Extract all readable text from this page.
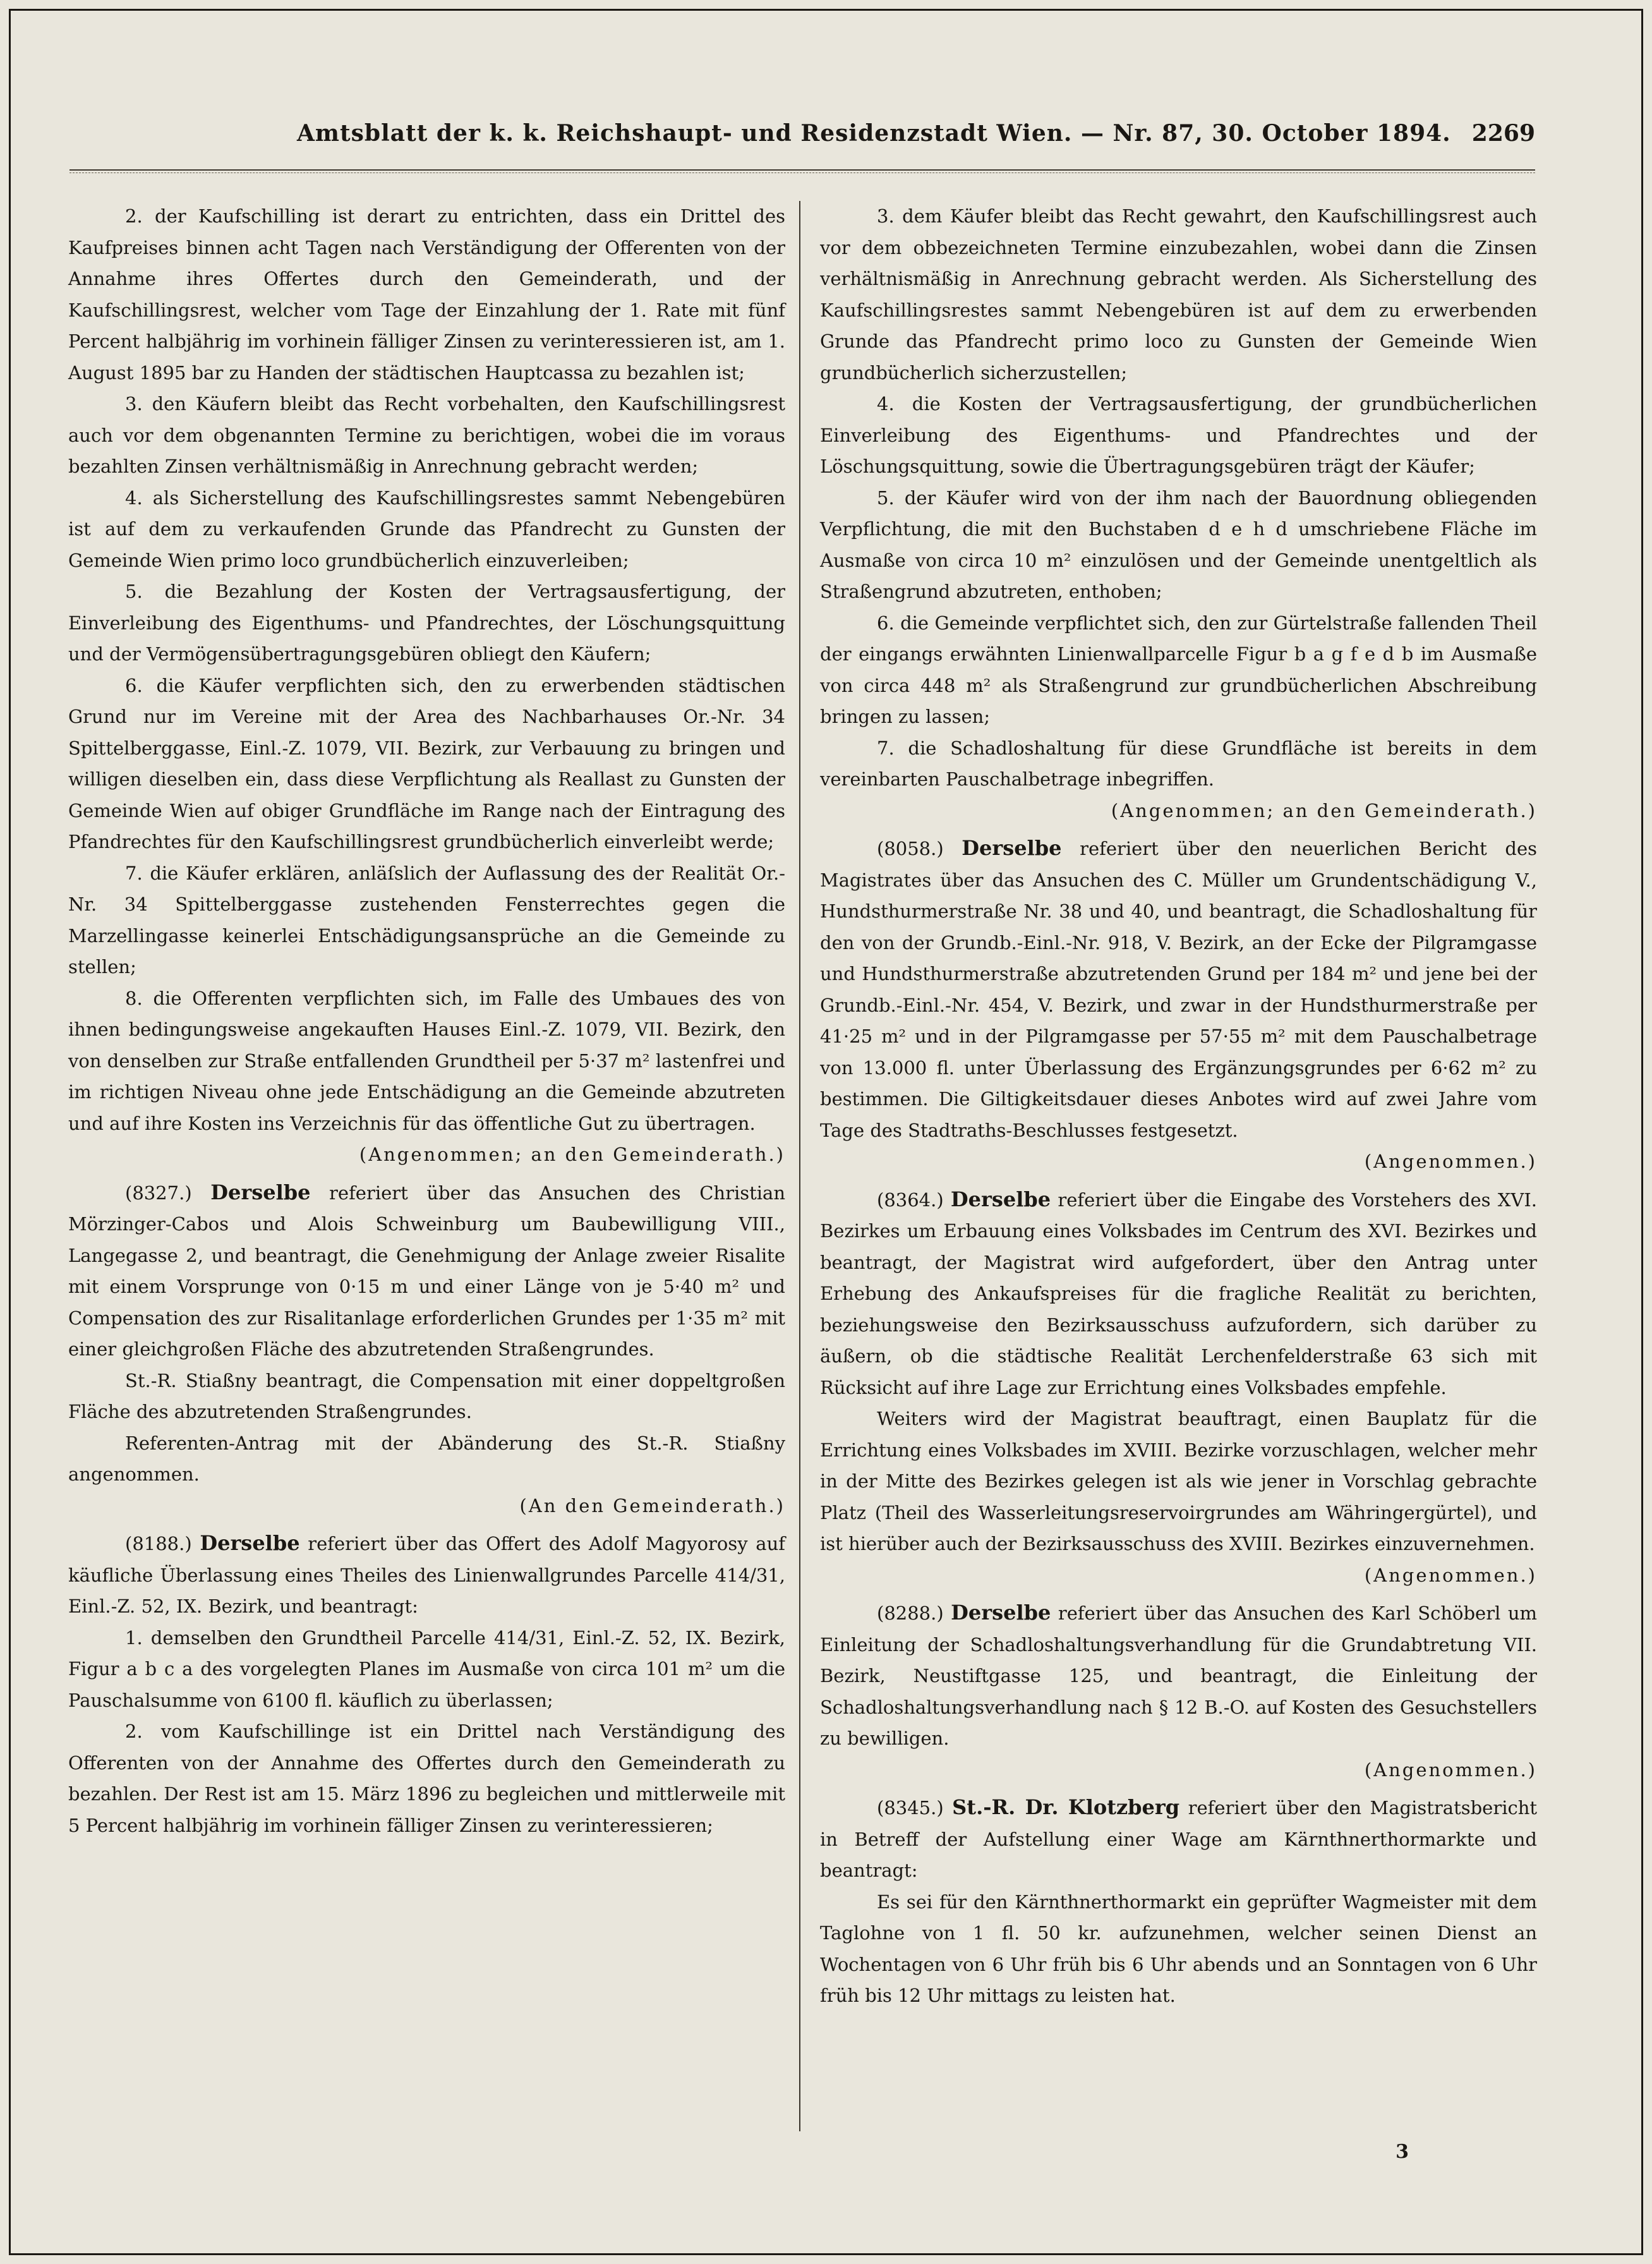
Amtsblatt der k. k. Reichshaupt- und Residenzstadt Wien. — Nr. 87, 30. October 1894. 2269

2. der Kaufschilling ist derart zu entrichten, dass ein Drittel des Kaufpreises binnen acht Tagen nach Verständigung der Offerenten von der Annahme ihres Offertes durch den Gemeinderath, und der Kaufschillingsrest, welcher vom Tage der Einzahlung der 1. Rate mit fünf Percent halbjährig im vorhinein fälliger Zinsen zu verinteressieren ist, am 1. August 1895 bar zu Handen der städtischen Hauptcassa zu bezahlen ist;

3. den Käufern bleibt das Recht vorbehalten, den Kaufschillingsrest auch vor dem obgenannten Termine zu berichtigen, wobei die im voraus bezahlten Zinsen verhältnismäßig in Anrechnung gebracht werden;

4. als Sicherstellung des Kaufschillingsrestes sammt Nebengebüren ist auf dem zu verkaufenden Grunde das Pfandrecht zu Gunsten der Gemeinde Wien primo loco grundbücherlich einzuverleiben;

5. die Bezahlung der Kosten der Vertragsausfertigung, der Einverleibung des Eigenthums- und Pfandrechtes, der Löschungsquittung und der Vermögensübertragungsgebüren obliegt den Käufern;

6. die Käufer verpflichten sich, den zu erwerbenden städtischen Grund nur im Vereine mit der Area des Nachbarhauses Or.-Nr. 34 Spittelberggasse, Einl.-Z. 1079, VII. Bezirk, zur Verbauung zu bringen und willigen dieselben ein, dass diese Verpflichtung als Reallast zu Gunsten der Gemeinde Wien auf obiger Grundfläche im Range nach der Eintragung des Pfandrechtes für den Kaufschillingsrest grundbücherlich einverleibt werde;

7. die Käufer erklären, anläſslich der Auflassung des der Realität Or.-Nr. 34 Spittelberggasse zustehenden Fensterrechtes gegen die Marzellingasse keinerlei Entschädigungsansprüche an die Gemeinde zu stellen;

8. die Offerenten verpflichten sich, im Falle des Umbaues des von ihnen bedingungsweise angekauften Hauses Einl.-Z. 1079, VII. Bezirk, den von denselben zur Straße entfallenden Grundtheil per 5·37 m² lastenfrei und im richtigen Niveau ohne jede Entschädigung an die Gemeinde abzutreten und auf ihre Kosten ins Verzeichnis für das öffentliche Gut zu übertragen.

(Angenommen; an den Gemeinderath.)

(8327.) Derselbe referiert über das Ansuchen des Christian Mörzinger-Cabos und Alois Schweinburg um Baubewilligung VIII., Langegasse 2, und beantragt, die Genehmigung der Anlage zweier Risalite mit einem Vorsprunge von 0·15 m und einer Länge von je 5·40 m² und Compensation des zur Risalitanlage erforderlichen Grundes per 1·35 m² mit einer gleichgroßen Fläche des abzutretenden Straßengrundes.

St.-R. Stiaßny beantragt, die Compensation mit einer doppeltgroßen Fläche des abzutretenden Straßengrundes.

Referenten-Antrag mit der Abänderung des St.-R. Stiaßny angenommen.

(An den Gemeinderath.)

(8188.) Derselbe referiert über das Offert des Adolf Magyorosy auf käufliche Überlassung eines Theiles des Linienwallgrundes Parcelle 414/31, Einl.-Z. 52, IX. Bezirk, und beantragt:

1. demselben den Grundtheil Parcelle 414/31, Einl.-Z. 52, IX. Bezirk, Figur a b c a des vorgelegten Planes im Ausmaße von circa 101 m² um die Pauschalsumme von 6100 fl. käuflich zu überlassen;

2. vom Kaufschillinge ist ein Drittel nach Verständigung des Offerenten von der Annahme des Offertes durch den Gemeinderath zu bezahlen. Der Rest ist am 15. März 1896 zu begleichen und mittlerweile mit 5 Percent halbjährig im vorhinein fälliger Zinsen zu verinteressieren;

3. dem Käufer bleibt das Recht gewahrt, den Kaufschillingsrest auch vor dem obbezeichneten Termine einzubezahlen, wobei dann die Zinsen verhältnismäßig in Anrechnung gebracht werden. Als Sicherstellung des Kaufschillingsrestes sammt Nebengebüren ist auf dem zu erwerbenden Grunde das Pfandrecht primo loco zu Gunsten der Gemeinde Wien grundbücherlich sicherzustellen;

4. die Kosten der Vertragsausfertigung, der grundbücherlichen Einverleibung des Eigenthums- und Pfandrechtes und der Löschungsquittung, sowie die Übertragungsgebüren trägt der Käufer;

5. der Käufer wird von der ihm nach der Bauordnung obliegenden Verpflichtung, die mit den Buchstaben d e h d umschriebene Fläche im Ausmaße von circa 10 m² einzulösen und der Gemeinde unentgeltlich als Straßengrund abzutreten, enthoben;

6. die Gemeinde verpflichtet sich, den zur Gürtelstraße fallenden Theil der eingangs erwähnten Linienwallparcelle Figur b a g f e d b im Ausmaße von circa 448 m² als Straßengrund zur grundbücherlichen Abschreibung bringen zu lassen;

7. die Schadloshaltung für diese Grundfläche ist bereits in dem vereinbarten Pauschalbetrage inbegriffen.

(Angenommen; an den Gemeinderath.)

(8058.) Derselbe referiert über den neuerlichen Bericht des Magistrates über das Ansuchen des C. Müller um Grundentschädigung V., Hundsthurmerstraße Nr. 38 und 40, und beantragt, die Schadloshaltung für den von der Grundb.-Einl.-Nr. 918, V. Bezirk, an der Ecke der Pilgramgasse und Hundsthurmerstraße abzutretenden Grund per 184 m² und jene bei der Grundb.-Einl.-Nr. 454, V. Bezirk, und zwar in der Hundsthurmerstraße per 41·25 m² und in der Pilgramgasse per 57·55 m² mit dem Pauschalbetrage von 13.000 fl. unter Überlassung des Ergänzungsgrundes per 6·62 m² zu bestimmen. Die Giltigkeitsdauer dieses Anbotes wird auf zwei Jahre vom Tage des Stadtraths-Beschlusses festgesetzt.

(Angenommen.)

(8364.) Derselbe referiert über die Eingabe des Vorstehers des XVI. Bezirkes um Erbauung eines Volksbades im Centrum des XVI. Bezirkes und beantragt, der Magistrat wird aufgefordert, über den Antrag unter Erhebung des Ankaufspreises für die fragliche Realität zu berichten, beziehungsweise den Bezirksausschuss aufzufordern, sich darüber zu äußern, ob die städtische Realität Lerchenfelderstraße 63 sich mit Rücksicht auf ihre Lage zur Errichtung eines Volksbades empfehle.

Weiters wird der Magistrat beauftragt, einen Bauplatz für die Errichtung eines Volksbades im XVIII. Bezirke vorzuschlagen, welcher mehr in der Mitte des Bezirkes gelegen ist als wie jener in Vorschlag gebrachte Platz (Theil des Wasserleitungsreservoirgrundes am Währingergürtel), und ist hierüber auch der Bezirksausschuss des XVIII. Bezirkes einzuvernehmen.

(Angenommen.)

(8288.) Derselbe referiert über das Ansuchen des Karl Schöberl um Einleitung der Schadloshaltungsverhandlung für die Grundabtretung VII. Bezirk, Neustiftgasse 125, und beantragt, die Einleitung der Schadloshaltungsverhandlung nach § 12 B.-O. auf Kosten des Gesuchstellers zu bewilligen.

(Angenommen.)

(8345.) St.-R. Dr. Klotzberg referiert über den Magistratsbericht in Betreff der Aufstellung einer Wage am Kärnthnerthormarkte und beantragt:

Es sei für den Kärnthnerthormarkt ein geprüfter Wagmeister mit dem Taglohne von 1 fl. 50 kr. aufzunehmen, welcher seinen Dienst an Wochentagen von 6 Uhr früh bis 6 Uhr abends und an Sonntagen von 6 Uhr früh bis 12 Uhr mittags zu leisten hat.

3
